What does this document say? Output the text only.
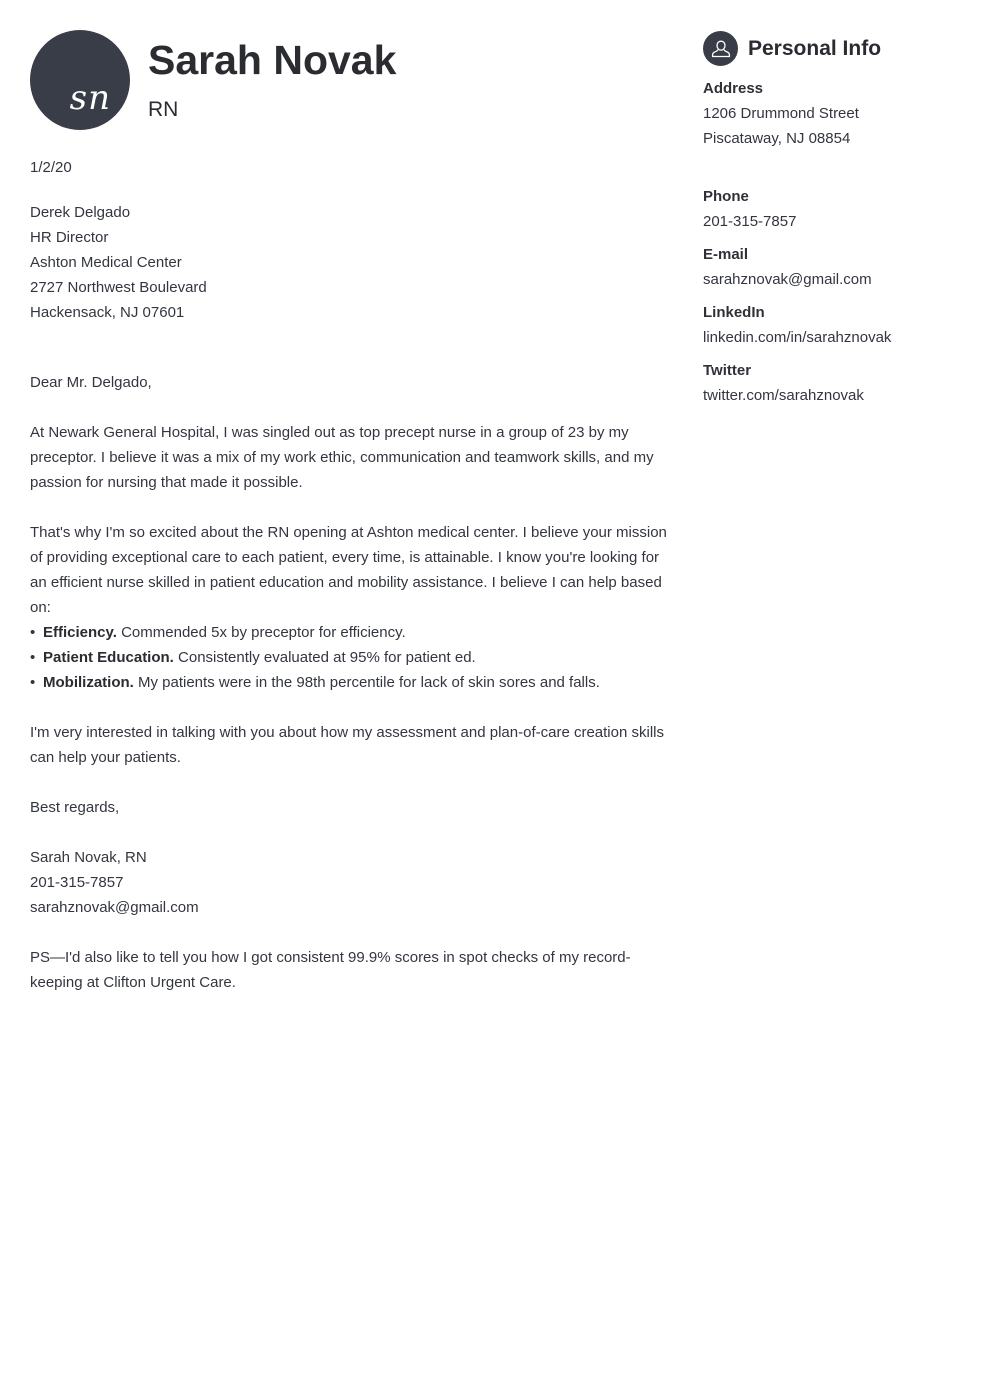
sn
Sarah Novak
RN
1/2/20
Derek Delgado
HR Director
Ashton Medical Center
2727 Northwest Boulevard
Hackensack, NJ 07601
Dear Mr. Delgado,

At Newark General Hospital, I was singled out as top precept nurse in a group of 23 by my preceptor. I believe it was a mix of my work ethic, communication and teamwork skills, and my passion for nursing that made it possible.

That's why I'm so excited about the RN opening at Ashton medical center. I believe your mission of providing exceptional care to each patient, every time, is attainable. I know you're looking for an efficient nurse skilled in patient education and mobility assistance. I believe I can help based on:

• Efficiency. Commended 5x by preceptor for efficiency.
• Patient Education. Consistently evaluated at 95% for patient ed.
• Mobilization. My patients were in the 98th percentile for lack of skin sores and falls.

I'm very interested in talking with you about how my assessment and plan-of-care creation skills can help your patients.

Best regards,
Sarah Novak, RN
201-315-7857
sarahznovak@gmail.com

PS—I'd also like to tell you how I got consistent 99.9% scores in spot checks of my record-keeping at Clifton Urgent Care.

Personal Info
Address
1206 Drummond Street
Piscataway, NJ 08854
Phone
201-315-7857
E-mail
sarahznovak@gmail.com
LinkedIn
linkedin.com/in/sarahznovak
Twitter
twitter.com/sarahznovak
